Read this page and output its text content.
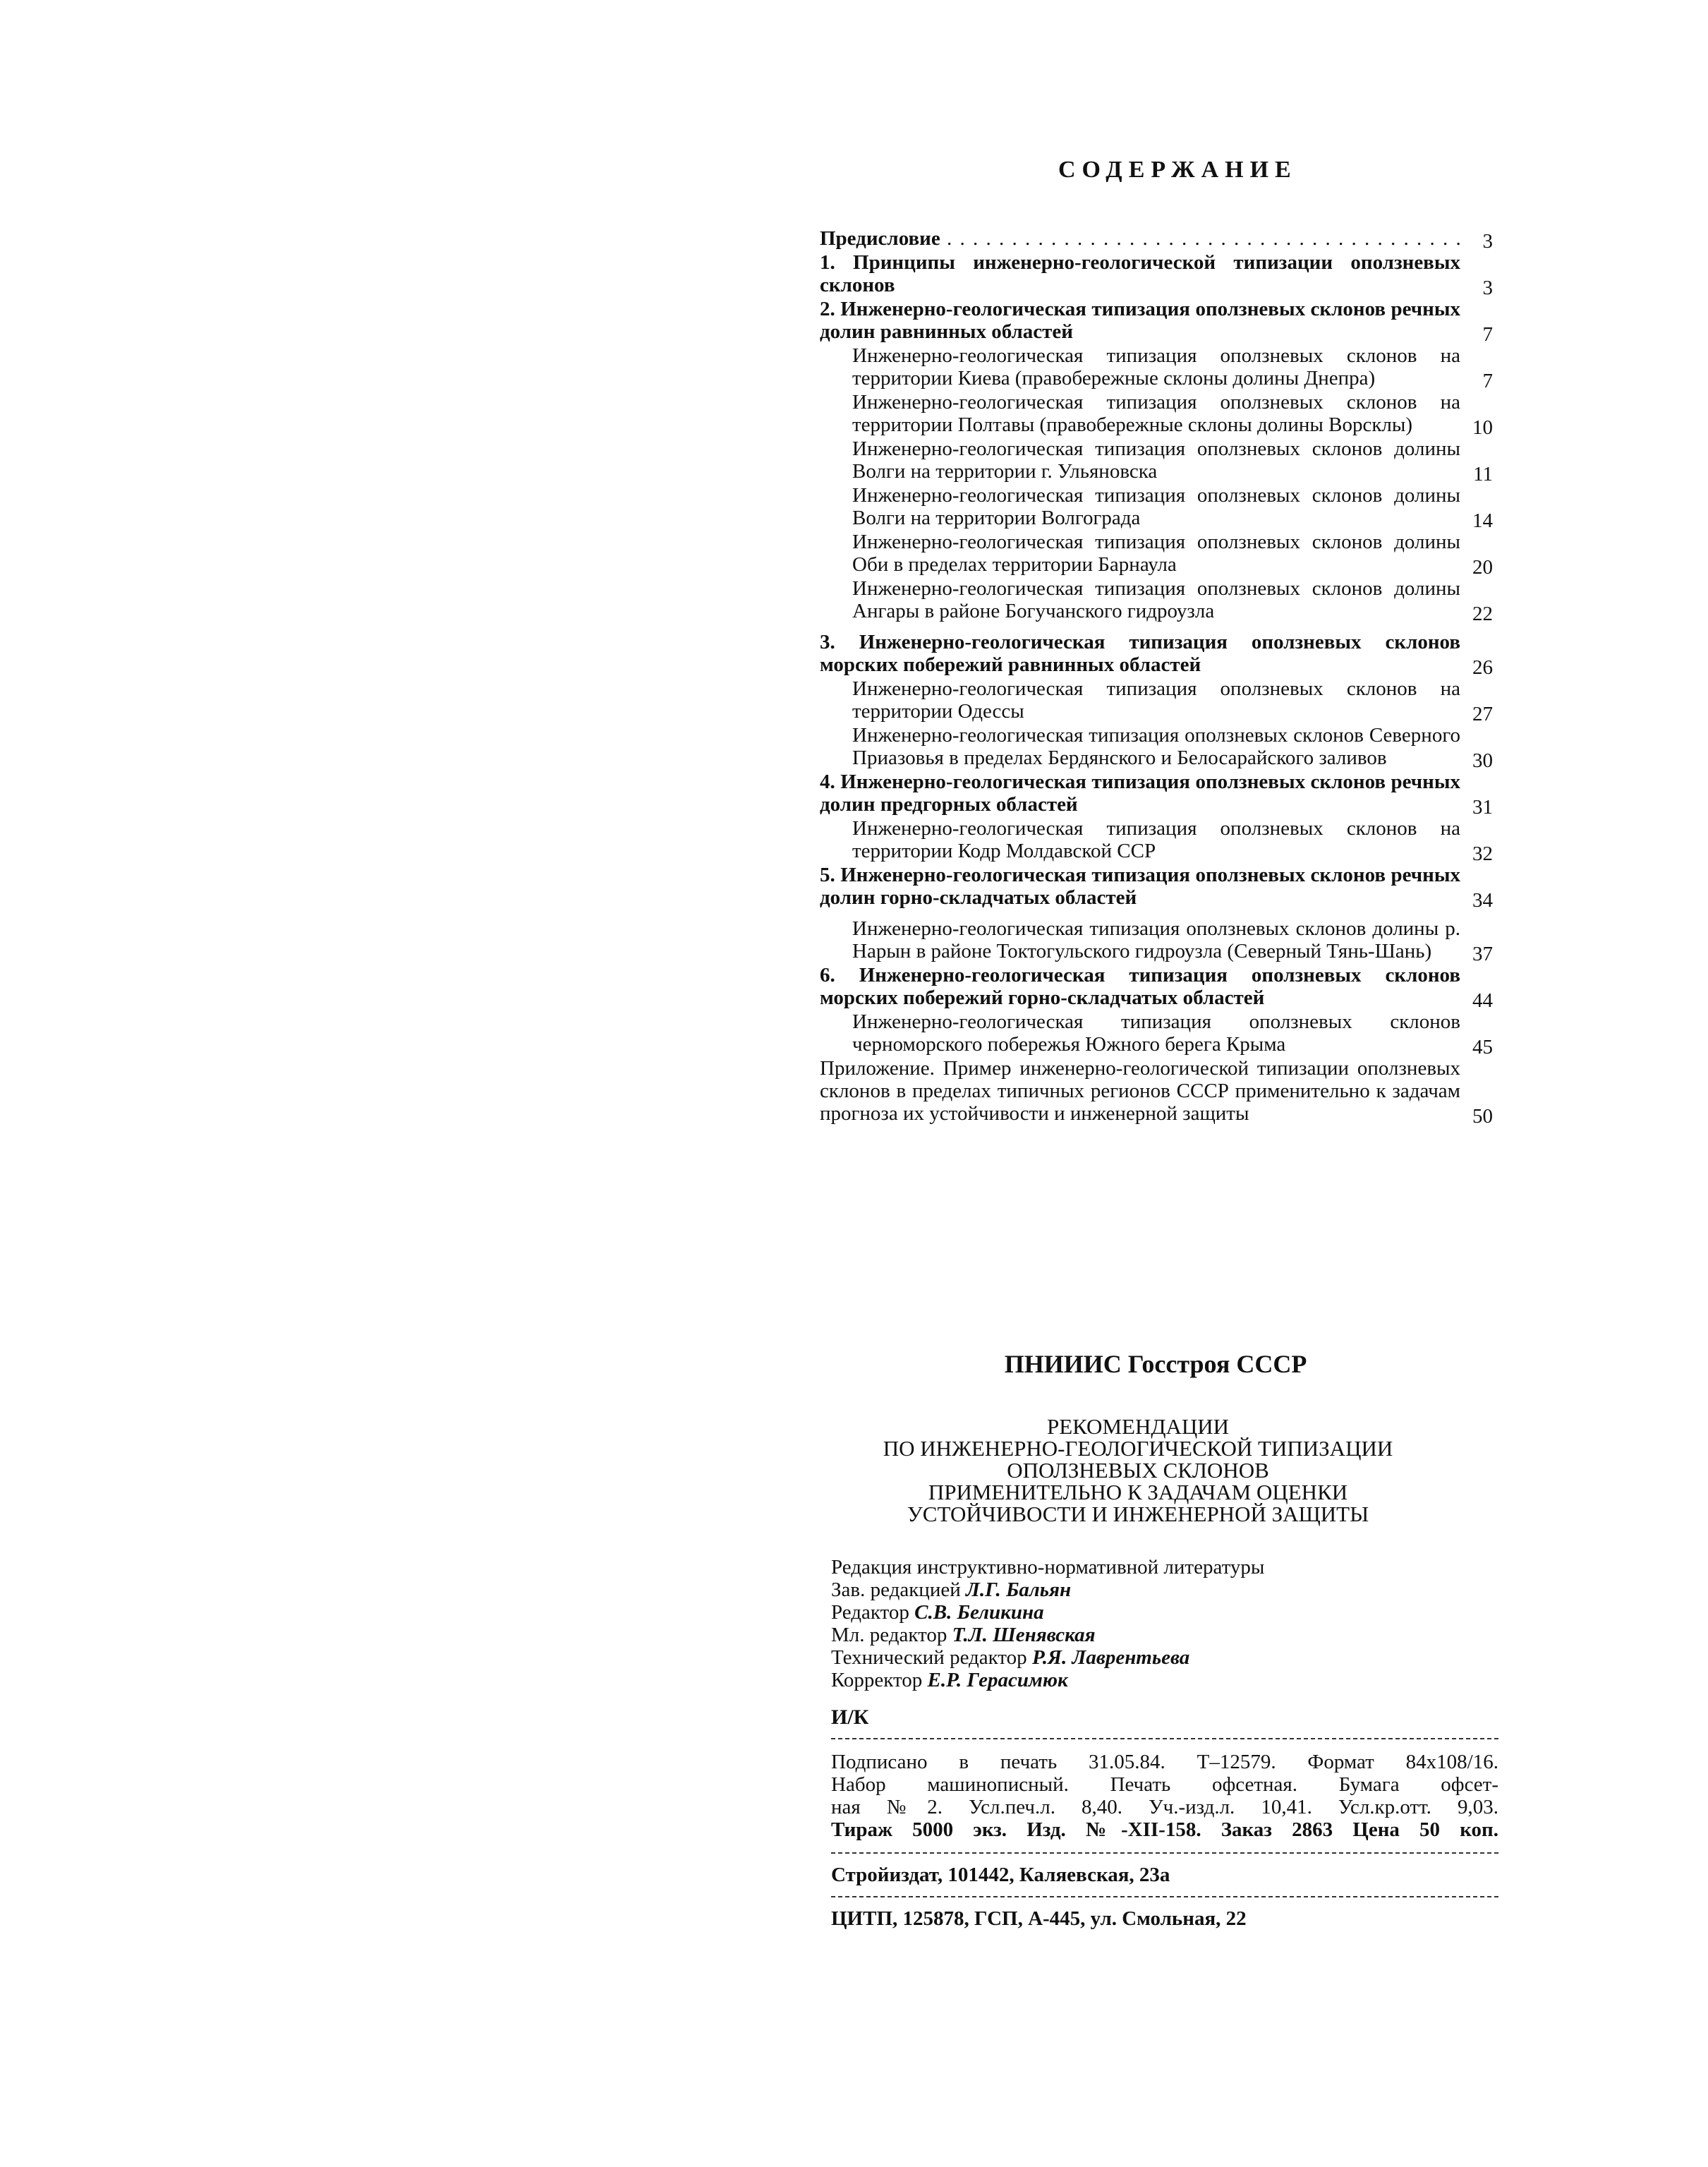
СОДЕРЖАНИЕ
Предисловие . . .	3
1. Принципы инженерно-геологической типизации оползневых склонов	3
2. Инженерно-геологическая типизация оползневых склонов речных долин равнинных областей	7
Инженерно-геологическая типизация оползневых склонов на территории Киева (правобережные склоны долины Днепра)	7
Инженерно-геологическая типизация оползневых склонов на территории Полтавы (правобережные склоны долины Ворсклы)	10
Инженерно-геологическая типизация оползневых склонов долины Волги на территории г. Ульяновска	11
Инженерно-геологическая типизация оползневых склонов долины Волги на территории Волгограда	14
Инженерно-геологическая типизация оползневых склонов долины Оби в пределах территории Барнаула	20
Инженерно-геологическая типизация оползневых склонов долины Ангары в районе Богучанского гидроузла	22
3. Инженерно-геологическая типизация оползневых склонов морских побережий равнинных областей	26
Инженерно-геологическая типизация оползневых склонов на территории Одессы	27
Инженерно-геологическая типизация оползневых склонов Северного Приазовья в пределах Бердянского и Белосарайского заливов	30
4. Инженерно-геологическая типизация оползневых склонов речных долин предгорных областей	31
Инженерно-геологическая типизация оползневых склонов на территории Кодр Молдавской ССР	32
5. Инженерно-геологическая типизация оползневых склонов речных долин горно-складчатых областей	34
Инженерно-геологическая типизация оползневых склонов долины р. Нарын в районе Токтогульского гидроузла (Северный Тянь-Шань)	37
6. Инженерно-геологическая типизация оползневых склонов морских побережий горно-складчатых областей	44
Инженерно-геологическая типизация оползневых склонов черноморского побережья Южного берега Крыма	45
Приложение. Пример инженерно-геологической типизации оползневых склонов в пределах типичных регионов СССР применительно к задачам прогноза их устойчивости и инженерной защиты	50
ПНИИИС Госстроя СССР
РЕКОМЕНДАЦИИ
ПО ИНЖЕНЕРНО-ГЕОЛОГИЧЕСКОЙ ТИПИЗАЦИИ
ОПОЛЗНЕВЫХ СКЛОНОВ
ПРИМЕНИТЕЛЬНО К ЗАДАЧАМ ОЦЕНКИ
УСТОЙЧИВОСТИ И ИНЖЕНЕРНОЙ ЗАЩИТЫ
Редакция инструктивно-нормативной литературы
Зав. редакцией Л.Г. Бальян
Редактор С.В. Беликина
Мл. редактор Т.Л. Шенявская
Технический редактор Р.Я. Лаврентьева
Корректор Е.Р. Герасимюк
И/К
Подписано в печать 31.05.84. Т–12579. Формат 84х108/16.
Набор машинописный. Печать офсетная. Бумага офсет-
ная №2. Усл.печ.л. 8,40. Уч.-изд.л. 10,41. Усл.кр.отт. 9,03.
Тираж 5000 экз. Изд. №-XII-158. Заказ 2863 Цена 50 коп.
Стройиздат, 101442, Каляевская, 23а
ЦИТП, 125878, ГСП, А-445, ул. Смольная, 22
